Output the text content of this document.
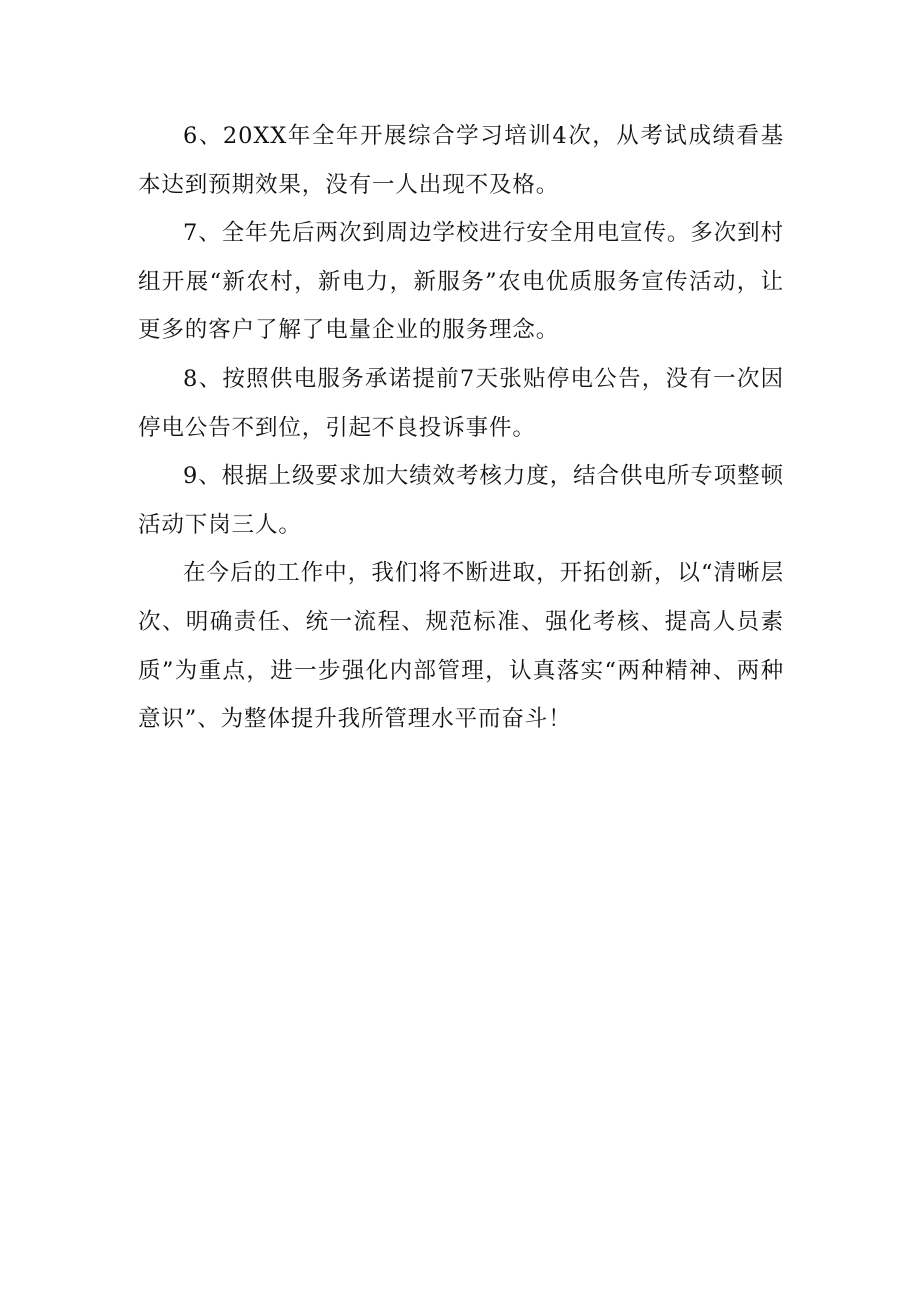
6、20XX年全年开展综合学习培训4次，从考试成绩看基本达到预期效果，没有一人出现不及格。

7、全年先后两次到周边学校进行安全用电宣传。多次到村组开展“新农村，新电力，新服务”农电优质服务宣传活动，让更多的客户了解了电量企业的服务理念。

8、按照供电服务承诺提前7天张贴停电公告，没有一次因停电公告不到位，引起不良投诉事件。

9、根据上级要求加大绩效考核力度，结合供电所专项整顿活动下岗三人。

在今后的工作中，我们将不断进取，开拓创新，以“清晰层次、明确责任、统一流程、规范标准、强化考核、提高人员素质”为重点，进一步强化内部管理，认真落实“两种精神、两种意识”、为整体提升我所管理水平而奋斗！
